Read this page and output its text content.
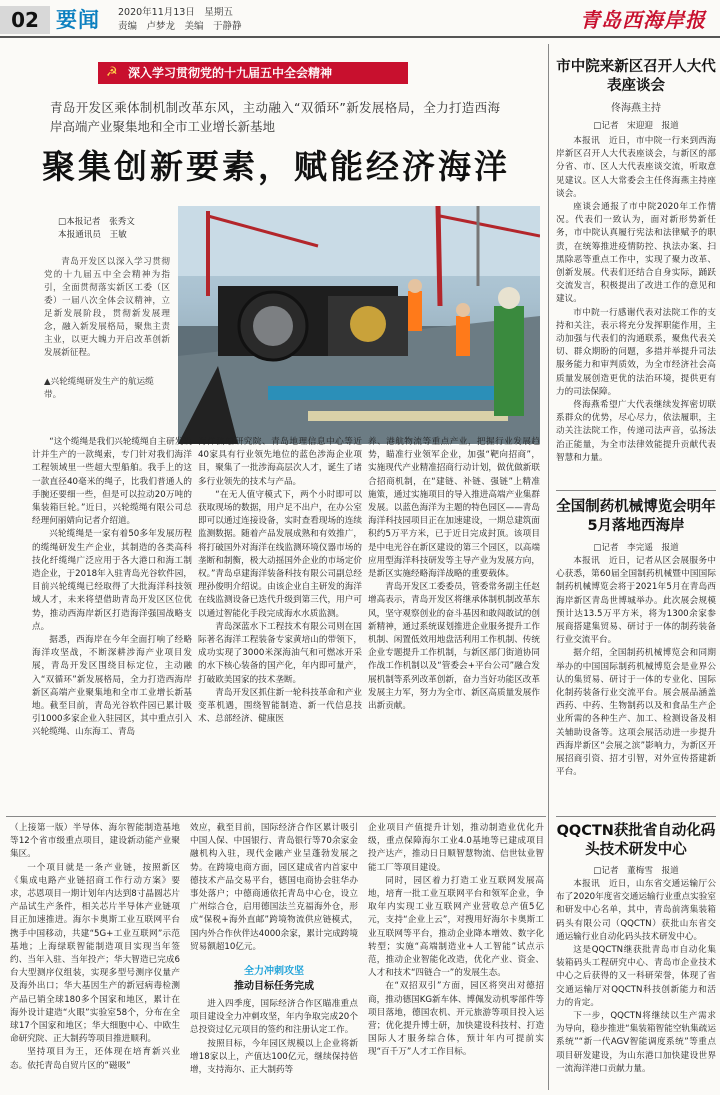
02 要闻 2020年11月13日　星期五
责编　卢梦龙　美编　于静静	青岛西海岸报
☭ 深入学习贯彻党的十九届五中全会精神
青岛开发区乘体制机制改革东风，主动融入“双循环”新发展格局，全力打造西海岸高端产业聚集地和全市工业增长新基地
聚集创新要素，赋能经济海洋
□本报记者　张秀文
本报通讯员　王敏
青岛开发区以深入学习贯彻党的十九届五中全会精神为指引，全面贯彻落实新区工委（区委）一届八次全体会议精神，立足新发展阶段，贯彻新发展理念，融入新发展格局，聚焦主责主业，以更大魄力开启改革创新发展新征程。
▲兴轮缆绳研发生产的航运缆带。

“这个缆绳是我们兴轮缆绳自主研发设计并生产的一款绳索，专门针对我们海洋工程领域里一些超大型船舶。我手上的这一款直径40毫米的绳子，比我们普通人的手腕还要细一些，但是可以拉动20万吨的集装箱巨轮。”近日，兴轮缆绳有限公司总经理何丽婧向记者介绍道。

兴轮缆绳是一家有着50多年发展历程的缆绳研发生产企业，其制造的各类高科技化纤缆绳广泛应用于各大港口和海工制造企业，于2018年入驻青岛光谷软件园，目前兴轮缆绳已经取得了大批海洋科技领域人才，未来将望借助青岛开发区区位优势，推动西海岸新区打造海洋强国战略支点。

据悉，西海岸在今年全面打响了经略海洋攻坚战，不断深耕涉海产业项目发展，青岛开发区围绕目标定位，主动融入“双循环”新发展格局，全力打造西海岸新区高端产业聚集地和全市工业增长新基地。截至目前，青岛光谷软件园已累计吸引1000多家企业入驻园区，其中重点引入兴轮缆绳、山东海工、青岛

海洋测绘研究院、青岛地理信息中心等近40家具有行业领先地位的蓝色涉海企业项目，聚集了一批涉海高层次人才，诞生了诸多行业领先的技术与产品。

“在无人值守模式下，两个小时即可以获取现场的数据，用户足不出户，在办公室即可以通过连接设备，实时查看现场的连续监测数据。随着产品发展成熟和有效推广，将打破国外对海洋在线监测环境仪器市场的垄断和制衡，极大动摇国外企业的市场定价权。”青岛卓建海洋装备科技有限公司副总经理孙俊明介绍说。由该企业自主研发的海洋在线监测设备已迭代升级到第三代，用户可以通过智能化手段完成海水水质监测。

青岛深蓝水下工程技术有限公司则在国际著名海洋工程装备专家黄培山的带领下，成功实现了3000米深海油气和可燃冰开采的水下核心装备的国产化，年内即可量产，打破欧美国家的技术垄断。

青岛开发区抓住新一轮科技革命和产业变革机遇，围绕智能制造、新一代信息技术、总部经济、健康医

养、港航物流等重点产业，把握行业发展趋势，瞄准行业领军企业，加强“靶向招商”，实施现代产业精准招商行动计划，做优做新联合招商机制，在“建链、补链、强链”上精准施策，通过实施项目的导入推进高端产业集群发展。以蓝色海洋为主题的特色园区——青岛海洋科技园项目正在加速建设，一期总建筑面积约5万平方米，已于近日完成封顶。该项目是中电光谷在新区建设的第三个园区，以高端应用型海洋科技研发等主导产业为发展方向，是新区实施经略海洋战略的重要载体。

青岛开发区工委委员，管委常务副主任赵增高表示，青岛开发区将继承体制机制改革东风，坚守观察创业的奋斗基因和敢闯敢试的创新精神，通过系统谋划推进企业服务提升工作机制、闲置低效用地盘活利用工作机制、传统企业专题提升工作机制，与新区部门街道协同作战工作机制以及“管委会+平台公司”融合发展机制等系列改革创新，奋力当好功能区改革发展主力军，努力为全市、新区高质量发展作出新贡献。

（上接第一版）半导体、海尔智能制造基地等12个省市级重点项目，建设新动能产业聚集区。

一个项目就是一条产业链，按照新区《集成电路产业链招商工作行动方案》要求，芯恩项目一期计划年内达到8寸晶圆芯片产品试生产条件，相关芯片半导体产业链项目正加速推进。海尔卡奥斯工业互联网平台携手中国移动，共建“5G+工业互联网”示范基地；上海绿联智能制造项目实现当年签约、当年入驻、当年投产；华大智造已完成6台大型测序仪组装，实现多型号测序仪量产及海外出口；华大基因生产的新冠病毒检测产品已销全球180多个国家和地区，累计在海外设计建造“火眼”实验室58个，分布在全球17个国家和地区；华大细胞中心、中欧生命研究院、正大制药等项目推进顺利。

坚持项目为王，还体现在培育新兴业态。依托青岛自贸片区的“磁吸”

效应，截至目前，国际经济合作区累计吸引中国人保、中国银行、青岛银行等70余家金融机构入驻，现代金融产业呈蓬勃发展之势。在跨境电商方面，园区建成省内首家中德技术产品交易平台，德国电商协会驻华办事处落户；中德商通依托青岛中心仓，设立广州综合仓，启用德国法兰克福海外仓，形成“保税+海外直邮”跨境物流供应链模式，国内外合作伙伴达4000余家，累计完成跨境贸易额超10亿元。
全力冲刺攻坚
推动目标任务完成
进入四季度，国际经济合作区瞄准重点项目建设全力冲刺攻坚，年内争取完成20个总投资过亿元项目的签约和注册认定工作。
按照目标，今年园区规模以上企业将新增18家以上，产值达100亿元，继续保持倍增，支持海尔、正大制药等

企业项目产值提升计划，推动制造业优化升级，重点保障海尔工业4.0基地等已建成项目投产达产，推动日日顺智慧物流、信世钛业智能工厂等项目建设。

同时，园区着力打造工业互联网发展高地，培育一批工业互联网平台和领军企业，争取年内实现工业互联网产业营收总产值5亿元，支持“企业上云”，对搜用好海尔卡奥斯工业互联网等平台，推动企业降本增效、数字化转型；实施“高端制造业+人工智能”试点示范，推动企业智能化改造，优化产业、资金、人才和技术“四链合一”的发展生态。

在“双招双引”方面，园区将突出对德招商，推动德国KG新车体、博佩发动机零部件等项目落地，德国农机、开元旅游等项目投入运营；优化提升博士研，加快建设科技村、打造国际人才服务综合体，预计年内可提前实现“百千万”人才工作目标。

市中院来新区召开人大代表座谈会
佟海燕主持
□记者　宋迎迎　报道
本报讯　近日，市中院一行来到西海岸新区召开人大代表座谈会，与新区的部分省、市、区人大代表座谈交流，听取意见建议。区人大常委会主任佟海燕主持座谈会。
座谈会通报了市中院2020年工作情况。代表们一致认为，面对新形势新任务，市中院认真履行宪法和法律赋予的职责，在统筹推进疫情防控、执法办案、扫黑除恶等重点工作中，实现了聚力改革、创新发展。代表们还结合自身实际，踊跃交流发言，积极提出了改进工作的意见和建议。
市中院一行感谢代表对法院工作的支持和关注，表示将充分发挥职能作用，主动加强与代表们的沟通联系，聚焦代表关切、群众期盼的问题，多措并举提升司法服务能力和审判质效，为全市经济社会高质量发展创造更优的法治环境，提供更有力的司法保障。
佟海燕希望广大代表继续发挥密切联系群众的优势，尽心尽力，依法履职，主动关注法院工作，传递司法声音，弘扬法治正能量，为全市法律效能提升贡献代表智慧和力量。
全国制药机械博览会明年5月落地西海岸
□记者　李完遥　报道
本报讯　近日，记者从区会展服务中心获悉，第60届全国制药机械暨中国国际制药机械博览会将于2021年5月在青岛西海岸新区青岛世博城举办。此次展会规模预计达13.5万平方米，将为1300余家参展商搭建集贸易、研讨于一体的制药装备行业交流平台。
据介绍，全国制药机械博览会和同期举办的中国国际制药机械博览会是业界公认的集贸易、研讨于一体的专业化、国际化制药装备行业交流平台。展会展品涵盖西药、中药、生物制药以及和食品生产企业所需的各种生产、加工、检测设备及相关辅助设备等。这项会展活动进一步提升西海岸新区“会展之滨”影响力，为新区开展招商引资、招才引智，对外宣传搭建新平台。
QQCTN获批省自动化码头技术研发中心
□记者　董梅雪　报道
本报讯　近日，山东省交通运输厅公布了2020年度省交通运输行业重点实验室和研发中心名单，其中，青岛前湾集装箱码头有限公司（QQCTN）获批山东省交通运输行业自动化码头技术研发中心。
这是QQCTN继获批青岛市自动化集装箱码头工程研究中心、青岛市企业技术中心之后获得的又一科研荣誉，体现了省交通运输厅对QQCTN科技创新能力和活力的肯定。
下一步，QQCTN将继续以生产需求为导向，稳步推进“集装箱智能空轨集疏运系统”“新一代AGV智能调度系统”等重点项目研发建设，为山东港口加快建设世界一流海洋港口贡献力量。
